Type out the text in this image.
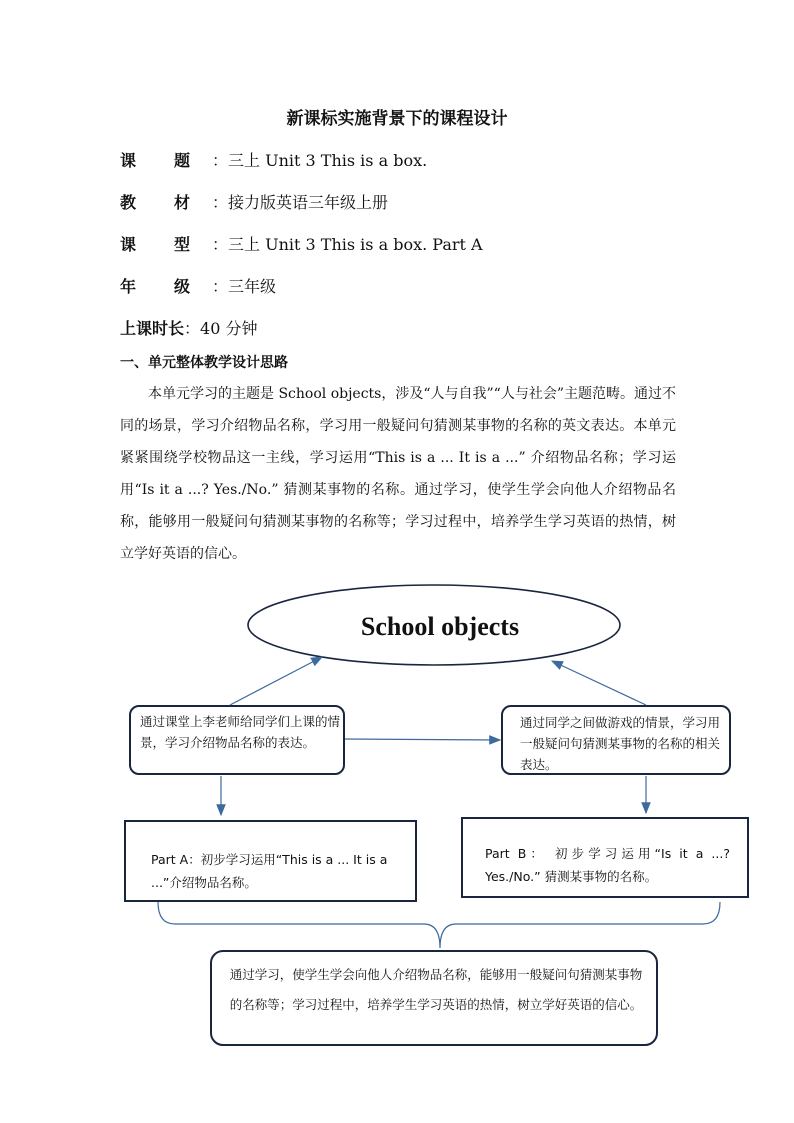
新课标实施背景下的课程设计
课 题 ：三上 Unit 3 This is a box.
教 材 ：接力版英语三年级上册
课 型 ：三上 Unit 3 This is a box. Part A
年 级 ：三年级
上课时长：40 分钟
一、单元整体教学设计思路
本单元学习的主题是 School objects，涉及“人与自我”“人与社会”主题范畴。通过不同的场景，学习介绍物品名称，学习用一般疑问句猜测某事物的名称的英文表达。本单元紧紧围绕学校物品这一主线，学习运用“This is a ... It is a ...” 介绍物品名称；学习运用“Is it a ...? Yes./No.” 猜测某事物的名称。通过学习，使学生学会向他人介绍物品名称，能够用一般疑问句猜测某事物的名称等；学习过程中，培养学生学习英语的热情，树立学好英语的信心。
School objects
通过课堂上李老师给同学们上课的情景，学习介绍物品名称的表达。
通过同学之间做游戏的情景，学习用一般疑问句猜测某事物的名称的相关表达。
Part A：初步学习运用“This is a ... It is a ...”介绍物品名称。
Part B： 初步学习运用“Is it a ...? Yes./No.” 猜测某事物的名称。
通过学习，使学生学会向他人介绍物品名称，能够用一般疑问句猜测某事物的名称等；学习过程中，培养学生学习英语的热情，树立学好英语的信心。
